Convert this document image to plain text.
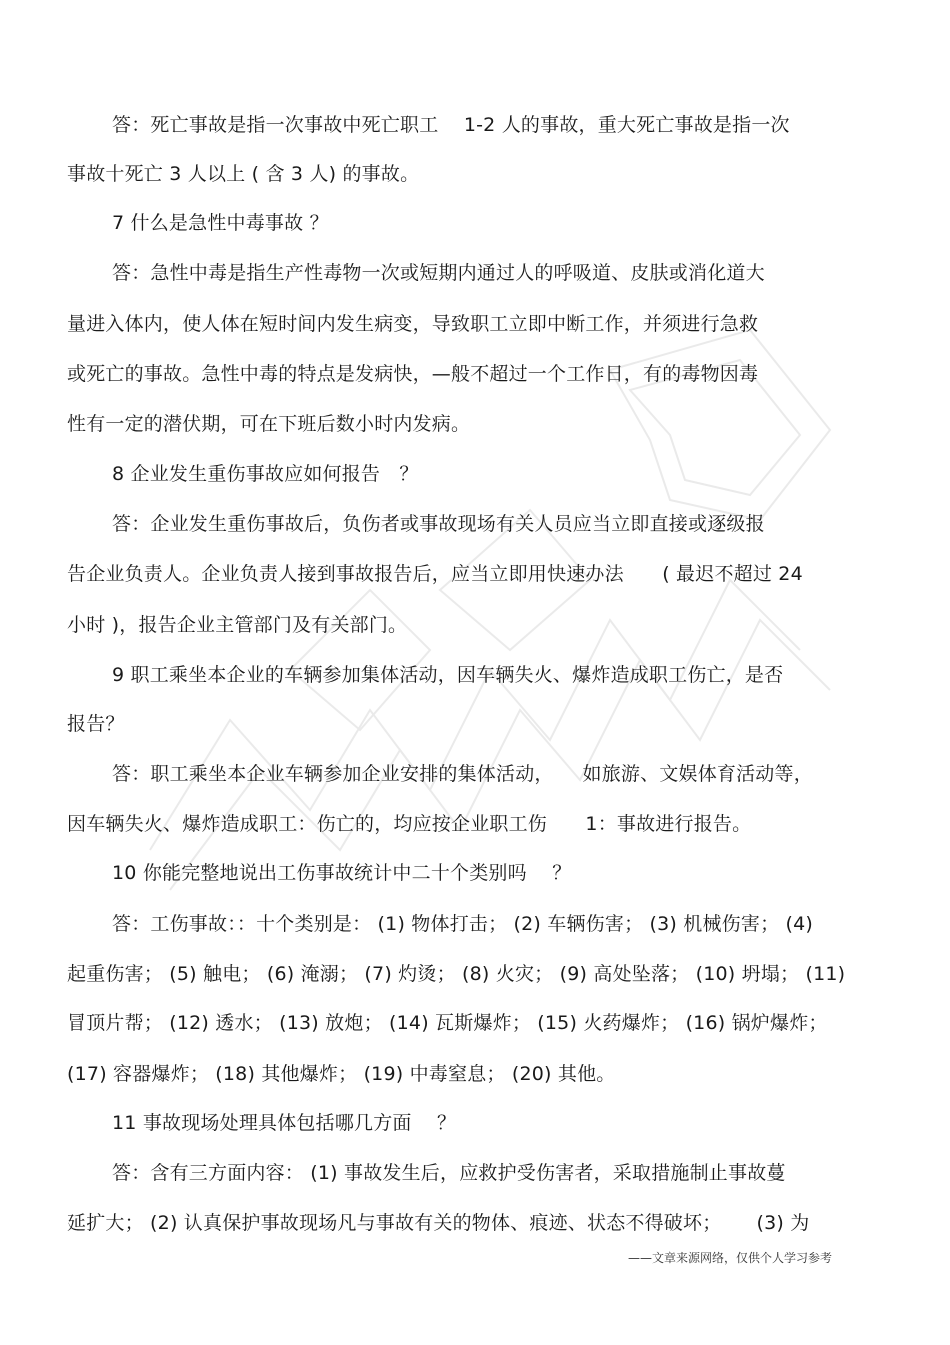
答：死亡事故是指一次事故中死亡职工　 1-2 人的事故，重大死亡事故是指一次
事故十死亡 3 人以上 ( 含 3 人) 的事故。
7 什么是急性中毒事故 ？
答：急性中毒是指生产性毒物一次或短期内通过人的呼吸道、皮肤或消化道大
量进入体内，使人体在短时间内发生病变，导致职工立即中断工作，并须进行急救
或死亡的事故。急性中毒的特点是发病快，—般不超过一个工作日，有的毒物因毒
性有一定的潜伏期，可在下班后数小时内发病。
8 企业发生重伤事故应如何报告　？
答：企业发生重伤事故后，负伤者或事故现场有关人员应当立即直接或逐级报
告企业负责人。企业负责人接到事故报告后，应当立即用快速办法　　( 最迟不超过 24
小时 )，报告企业主管部门及有关部门。
9 职工乘坐本企业的车辆参加集体活动，因车辆失火、爆炸造成职工伤亡，是否
报告？
答：职工乘坐本企业车辆参加企业安排的集体活动，　　如旅游、文娱体育活动等，
因车辆失火、爆炸造成职工：伤亡的，均应按企业职工伤　　1：事故进行报告。
10 你能完整地说出工伤事故统计中二十个类别吗　 ？
答：工伤事故：：十个类别是： (1) 物体打击； (2) 车辆伤害； (3) 机械伤害； (4)
起重伤害； (5) 触电； (6) 淹溺； (7) 灼烫； (8) 火灾； (9) 高处坠落； (10) 坍塌； (11)
冒顶片帮； (12) 透水； (13) 放炮； (14) 瓦斯爆炸； (15) 火药爆炸； (16) 锅炉爆炸；
(17) 容器爆炸； (18) 其他爆炸； (19) 中毒窒息； (20) 其他。
11 事故现场处理具体包括哪几方面　 ？
答：含有三方面内容： (1) 事故发生后，应救护受伤害者，采取措施制止事故蔓
延扩大； (2) 认真保护事故现场凡与事故有关的物体、痕迹、状态不得破坏；　　 (3) 为
——文章来源网络，仅供个人学习参考
